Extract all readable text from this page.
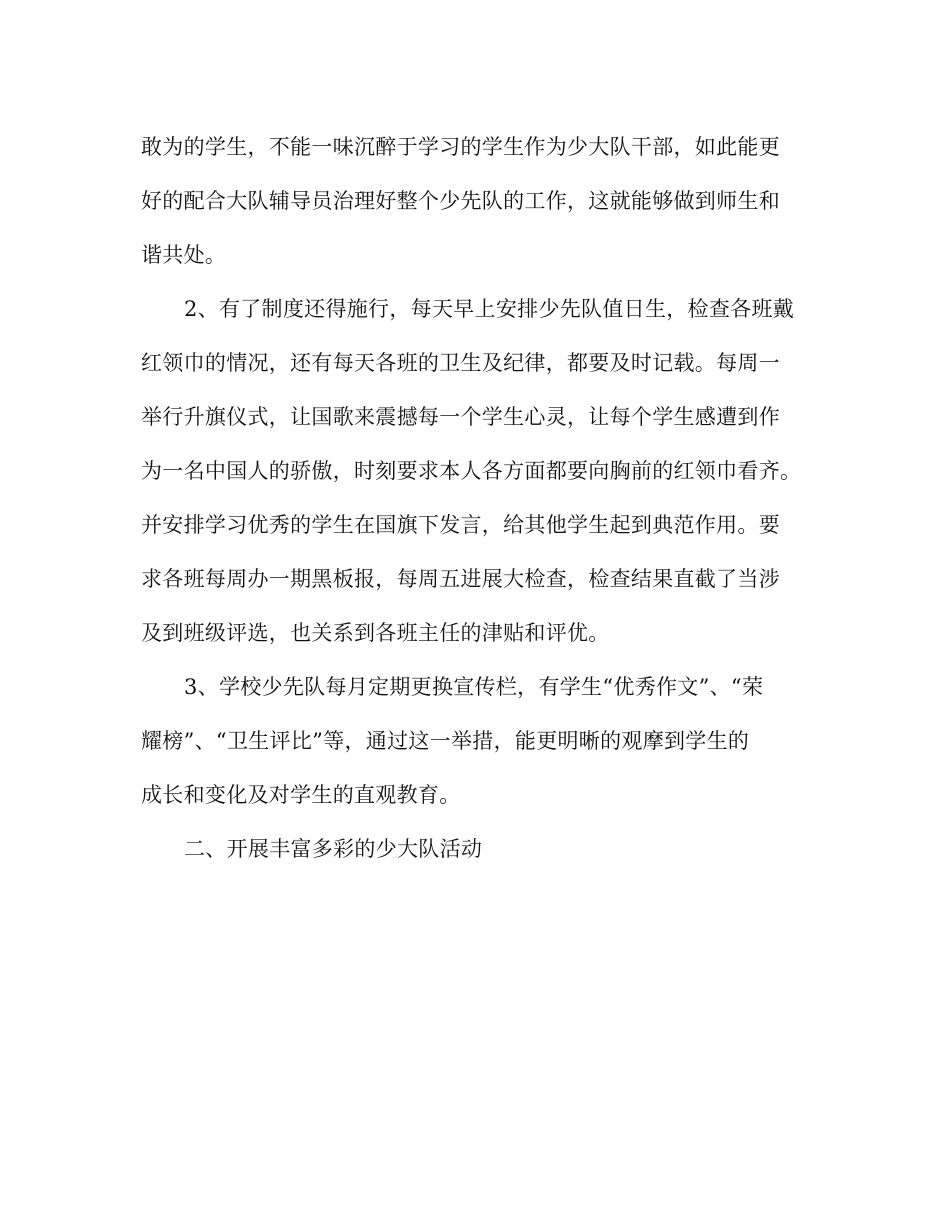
敢为的学生，不能一味沉醉于学习的学生作为少大队干部，如此能更
好的配合大队辅导员治理好整个少先队的工作，这就能够做到师生和
谐共处。
2、有了制度还得施行，每天早上安排少先队值日生，检查各班戴
红领巾的情况，还有每天各班的卫生及纪律，都要及时记载。每周一
举行升旗仪式，让国歌来震撼每一个学生心灵，让每个学生感遭到作
为一名中国人的骄傲，时刻要求本人各方面都要向胸前的红领巾看齐。
并安排学习优秀的学生在国旗下发言，给其他学生起到典范作用。要
求各班每周办一期黑板报，每周五进展大检查，检查结果直截了当涉
及到班级评选，也关系到各班主任的津贴和评优。
3、学校少先队每月定期更换宣传栏，有学生“优秀作文”、“荣
耀榜”、“卫生评比”等，通过这一举措，能更明晰的观摩到学生的
成长和变化及对学生的直观教育。
二、开展丰富多彩的少大队活动
